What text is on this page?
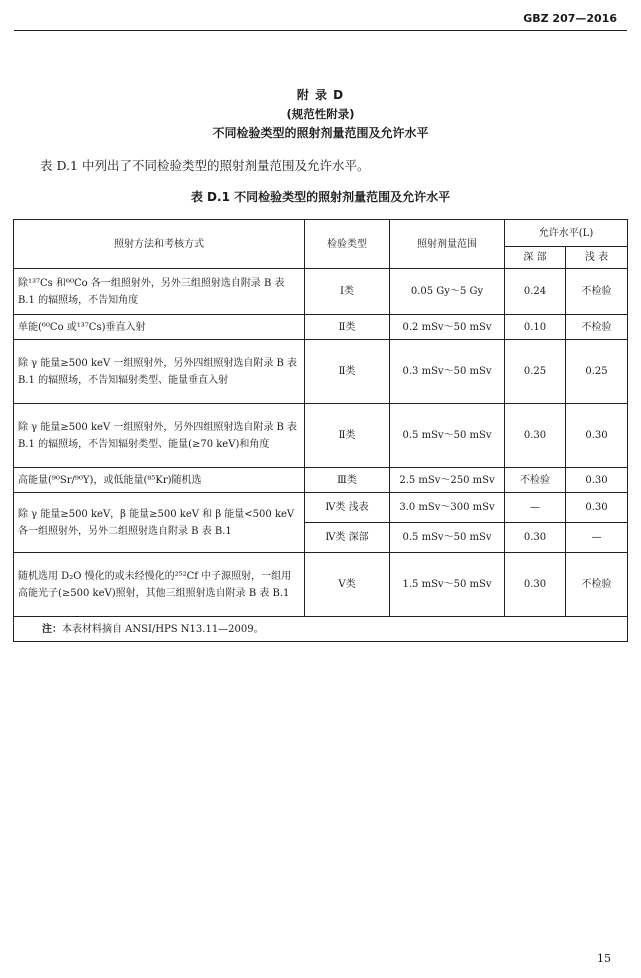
GBZ 207—2016
附 录 D
(规范性附录)
不同检验类型的照射剂量范围及允许水平
表 D.1 中列出了不同检验类型的照射剂量范围及允许水平。
表 D.1 不同检验类型的照射剂量范围及允许水平
照射方法和考核方式	检验类型	照射剂量范围	允许水平(L)	
			深 部	浅 表
除¹³⁷Cs 和⁶⁰Co 各一组照射外，另外三组照射选自附录 B 表 B.1 的辐照场，不告知角度	Ⅰ类	0.05 Gy～5 Gy	0.24	不检验
单能(⁶⁰Co 或¹³⁷Cs)垂直入射	Ⅱ类	0.2 mSv～50 mSv	0.10	不检验
除 γ 能量≥500 keV 一组照射外，另外四组照射选自附录 B 表 B.1 的辐照场，不告知辐射类型、能量垂直入射	Ⅱ类	0.3 mSv～50 mSv	0.25	0.25
除 γ 能量≥500 keV 一组照射外，另外四组照射选自附录 B 表 B.1 的辐照场，不告知辐射类型、能量(≥70 keV)和角度	Ⅱ类	0.5 mSv～50 mSv	0.30	0.30
高能量(⁹⁰Sr/⁹⁰Y)，或低能量(⁸⁵Kr)随机选	Ⅲ类	2.5 mSv～250 mSv	不检验	0.30
除 γ 能量≥500 keV，β 能量≥500 keV 和 β 能量<500 keV 各一组照射外，另外二组照射选自附录 B 表 B.1	Ⅳ类 浅表	3.0 mSv～300 mSv	—	0.30
	Ⅳ类 深部	0.5 mSv～50 mSv	0.30	—
随机选用 D₂O 慢化的或未经慢化的²⁵²Cf 中子源照射，一组用高能光子(≥500 keV)照射，其他三组照射选自附录 B 表 B.1	Ⅴ类	1.5 mSv～50 mSv	0.30	不检验
注：本表材料摘自 ANSI/HPS N13.11—2009。				
15
